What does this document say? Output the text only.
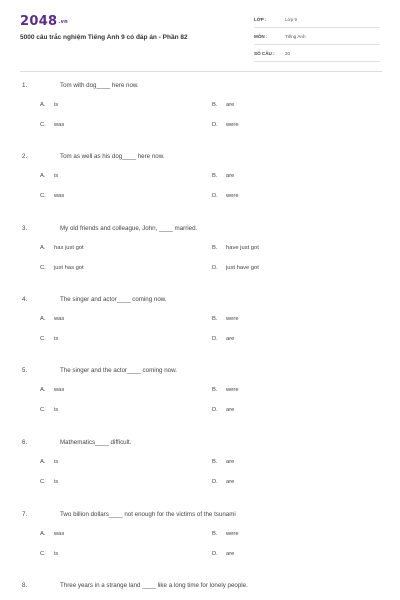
2048.vn
5000 câu trắc nghiệm Tiếng Anh 9 có đáp án - Phần 82
LỚP :	Lớp 9
MÔN :	Tiếng Anh
SỐ CÂU : 20
1.	Tom with dog____ here now.
A. is	B. are
C. was	D. were
2.	Tom as well as his dog____ here now.
A. is	B. are
C. was	D. were
3.	My old friends and colleague, John, ____ married.
A. has just got	B. have just got
C. just has got	D. just have got
4.	The singer and actor____ coming now.
A. was	B. were
C. is	D. are
5.	The singer and the actor____ coming now.
A. was	B. were
C. is	D. are
6.	Mathematics____ difficult.
A. is	B. are
C. is	D. are
7.	Two billion dollars____ not enough for the victims of the tsunami
A. was	B. were
C. is	D. are
8.	Three years in a strange land ____ like a long time for lonely people.
